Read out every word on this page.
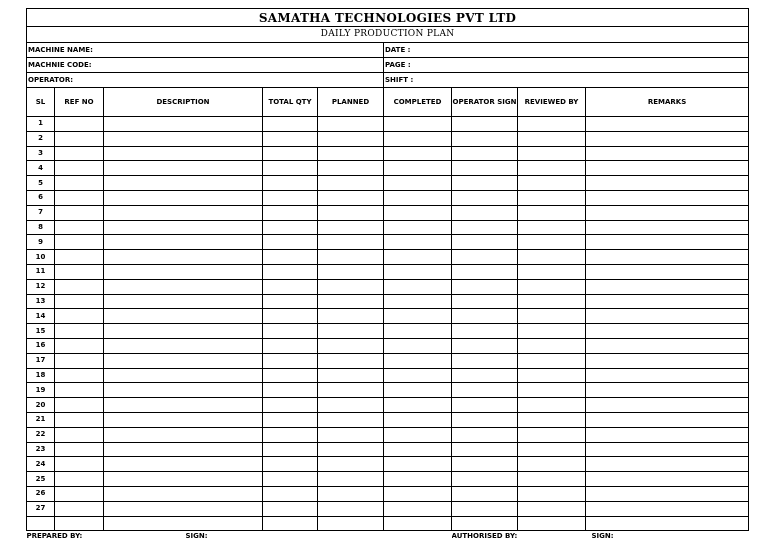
SAMATHA TECHNOLOGIES PVT LTD								
DAILY PRODUCTION PLAN								
MACHINE NAME:					DATE :			
MACHNIE CODE:					PAGE :			
OPERATOR:					SHIFT :			
SL	REF NO	DESCRIPTION	TOTAL QTY	PLANNED	COMPLETED	OPERATOR SIGN	REVIEWED BY	REMARKS
1								
2								
3								
4								
5								
6								
7								
8								
9								
10								
11								
12								
13								
14								
15								
16								
17								
18								
19								
20								
21								
22								
23								
24								
25								
26								
27								

PREPARED BY:		SIGN:				AUTHORISED BY:		SIGN:
